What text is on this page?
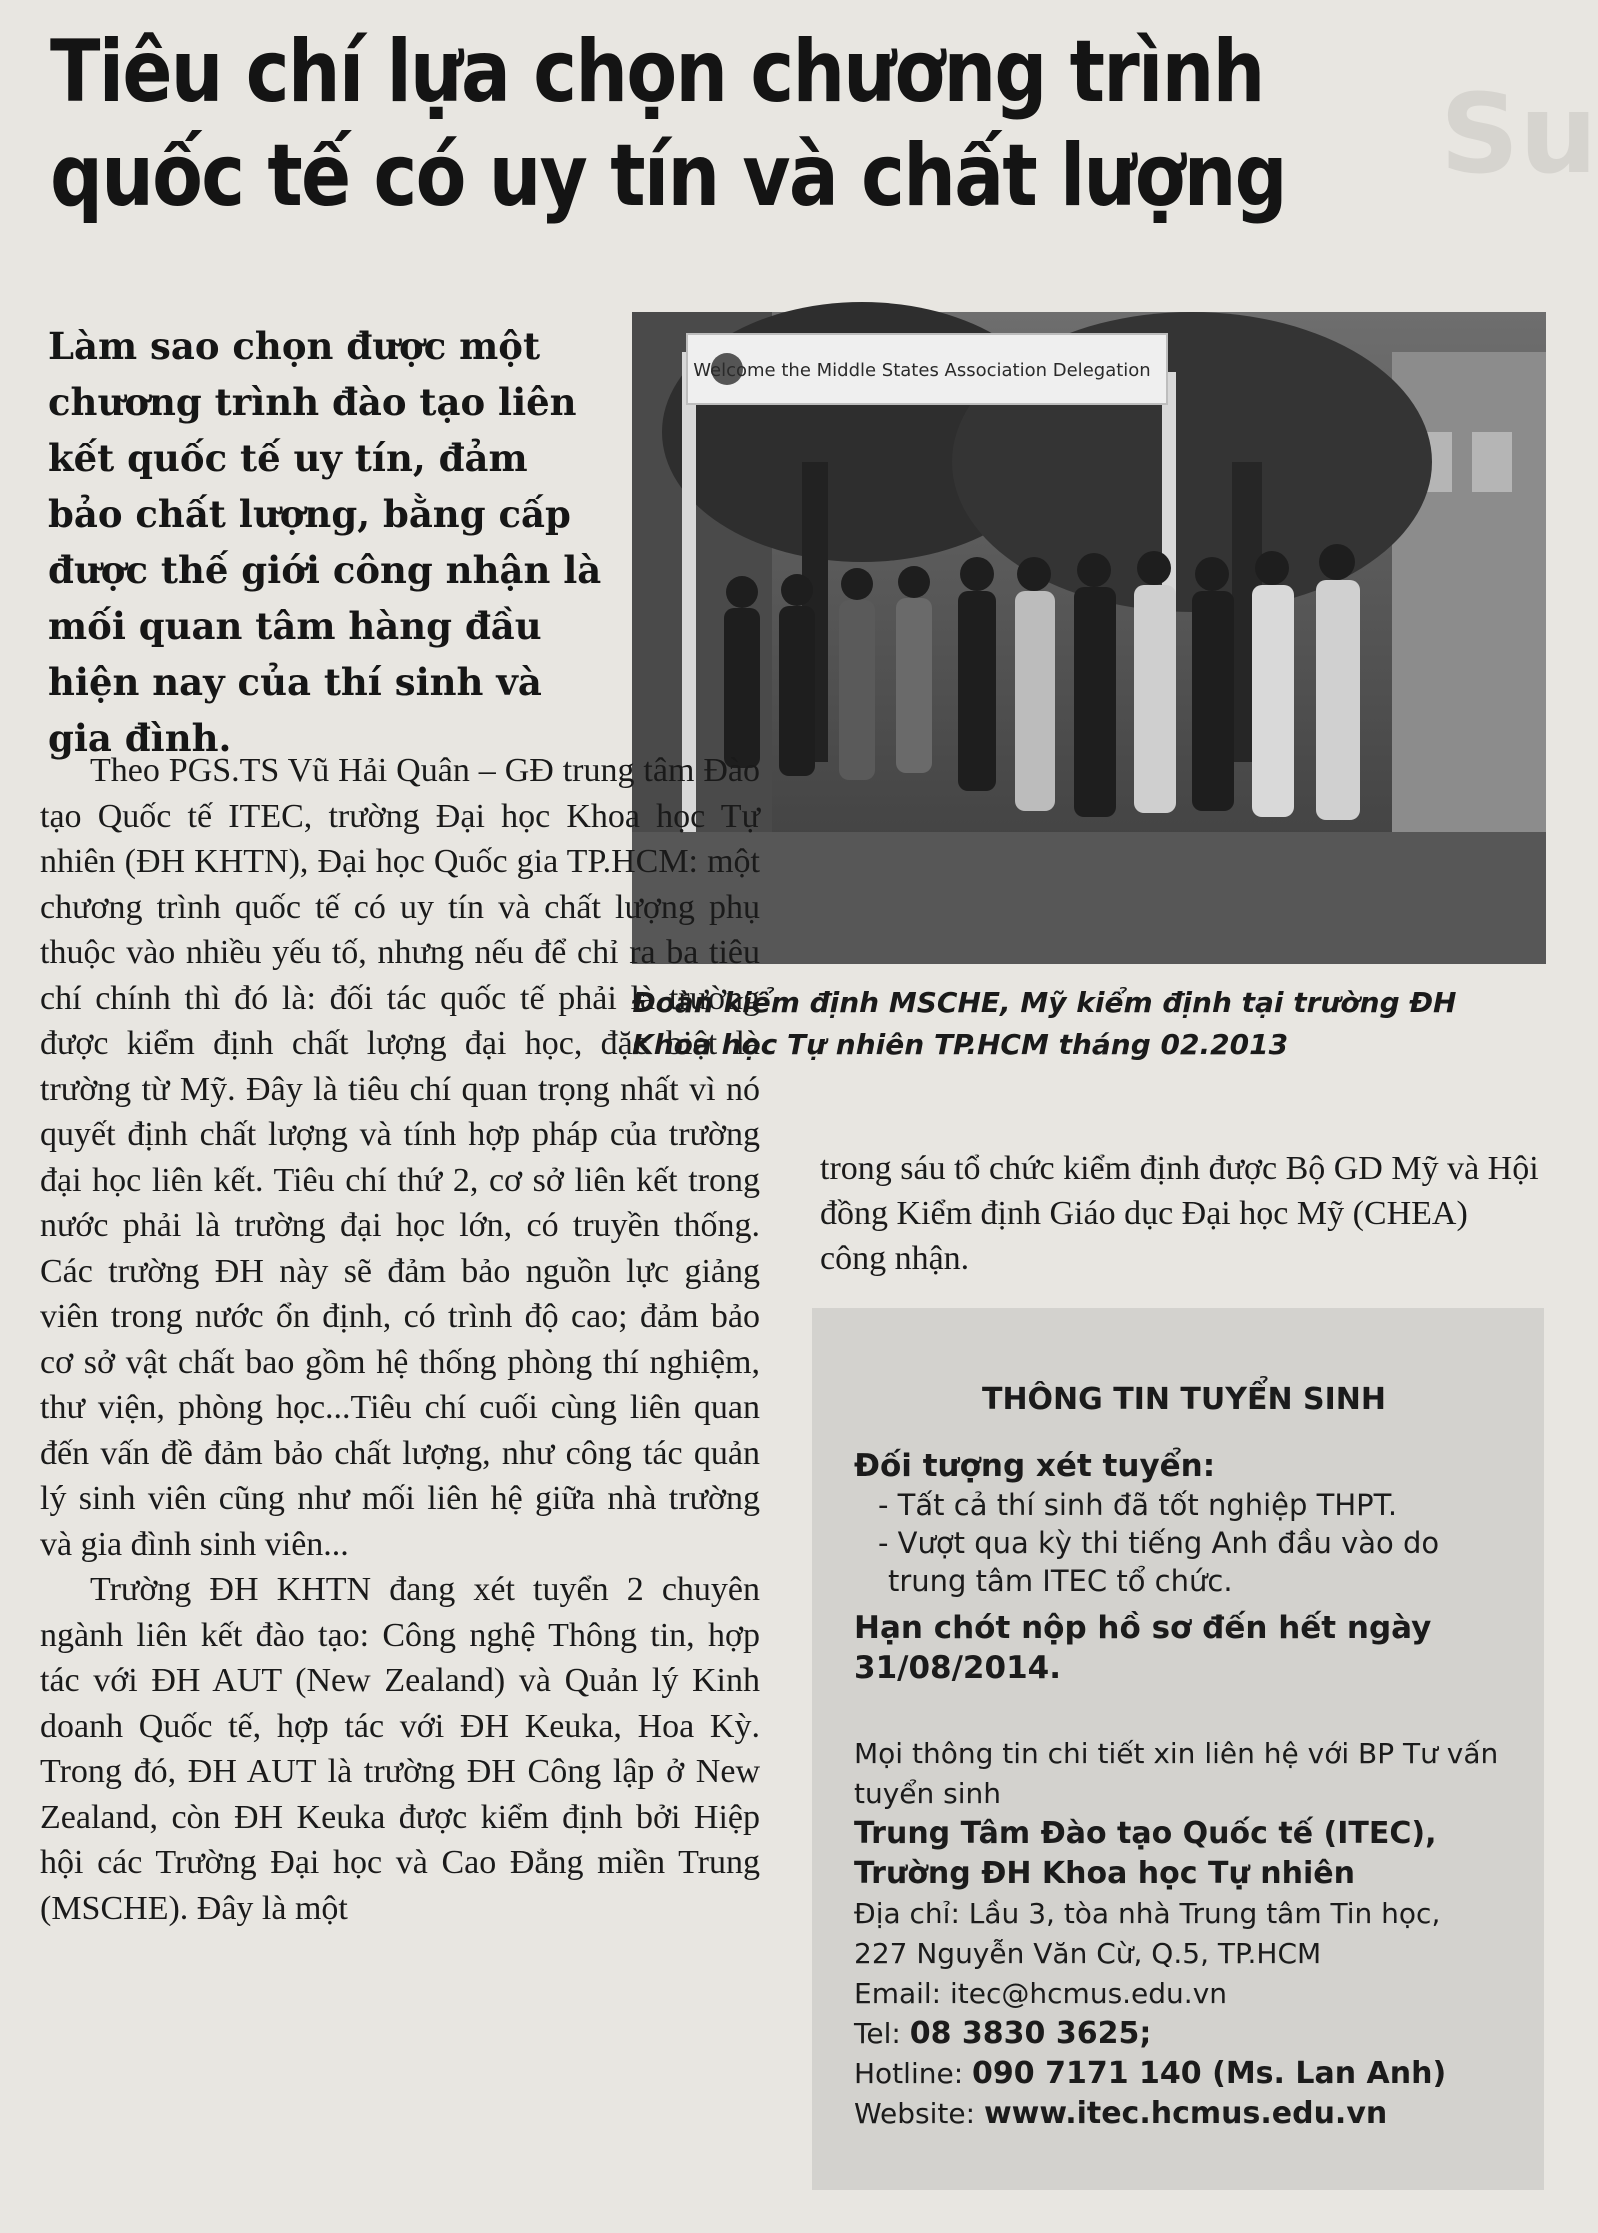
Su
Tiêu chí lựa chọn chương trình
quốc tế có uy tín và chất lượng
Làm sao chọn được một chương trình đào tạo liên kết quốc tế uy tín, đảm bảo chất lượng, bằng cấp được thế giới công nhận là mối quan tâm hàng đầu hiện nay của thí sinh và gia đình.
Welcome the Middle States Association Delegation
Đoàn kiểm định MSCHE, Mỹ kiểm định tại trường ĐH
Khoa học Tự nhiên TP.HCM tháng 02.2013

Theo PGS.TS Vũ Hải Quân – GĐ trung tâm Đào tạo Quốc tế ITEC, trường Đại học Khoa học Tự nhiên (ĐH KHTN), Đại học Quốc gia TP.HCM: một chương trình quốc tế có uy tín và chất lượng phụ thuộc vào nhiều yếu tố, nhưng nếu để chỉ ra ba tiêu chí chính thì đó là: đối tác quốc tế phải là trường được kiểm định chất lượng đại học, đặc biệt là trường từ Mỹ. Đây là tiêu chí quan trọng nhất vì nó quyết định chất lượng và tính hợp pháp của trường đại học liên kết. Tiêu chí thứ 2, cơ sở liên kết trong nước phải là trường đại học lớn, có truyền thống. Các trường ĐH này sẽ đảm bảo nguồn lực giảng viên trong nước ổn định, có trình độ cao; đảm bảo cơ sở vật chất bao gồm hệ thống phòng thí nghiệm, thư viện, phòng học...Tiêu chí cuối cùng liên quan đến vấn đề đảm bảo chất lượng, như công tác quản lý sinh viên cũng như mối liên hệ giữa nhà trường và gia đình sinh viên...

Trường ĐH KHTN đang xét tuyển 2 chuyên ngành liên kết đào tạo: Công nghệ Thông tin, hợp tác với ĐH AUT (New Zealand) và Quản lý Kinh doanh Quốc tế, hợp tác với ĐH Keuka, Hoa Kỳ. Trong đó, ĐH AUT là trường ĐH Công lập ở New Zealand, còn ĐH Keuka được kiểm định bởi Hiệp hội các Trường Đại học và Cao Đẳng miền Trung (MSCHE). Đây là một

trong sáu tổ chức kiểm định được Bộ GD Mỹ và Hội đồng Kiểm định Giáo dục Đại học Mỹ (CHEA) công nhận.

THÔNG TIN TUYỂN SINH
Đối tượng xét tuyển:
- Tất cả thí sinh đã tốt nghiệp THPT.
- Vượt qua kỳ thi tiếng Anh đầu vào do trung tâm ITEC tổ chức.
Hạn chót nộp hồ sơ đến hết ngày 31/08/2014.
Mọi thông tin chi tiết xin liên hệ với BP Tư vấn tuyển sinh
Trung Tâm Đào tạo Quốc tế (ITEC),
Trường ĐH Khoa học Tự nhiên
Địa chỉ: Lầu 3, tòa nhà Trung tâm Tin học,
227 Nguyễn Văn Cừ, Q.5, TP.HCM
Email: itec@hcmus.edu.vn
Tel: 08 3830 3625;
Hotline: 090 7171 140 (Ms. Lan Anh)
Website: www.itec.hcmus.edu.vn
